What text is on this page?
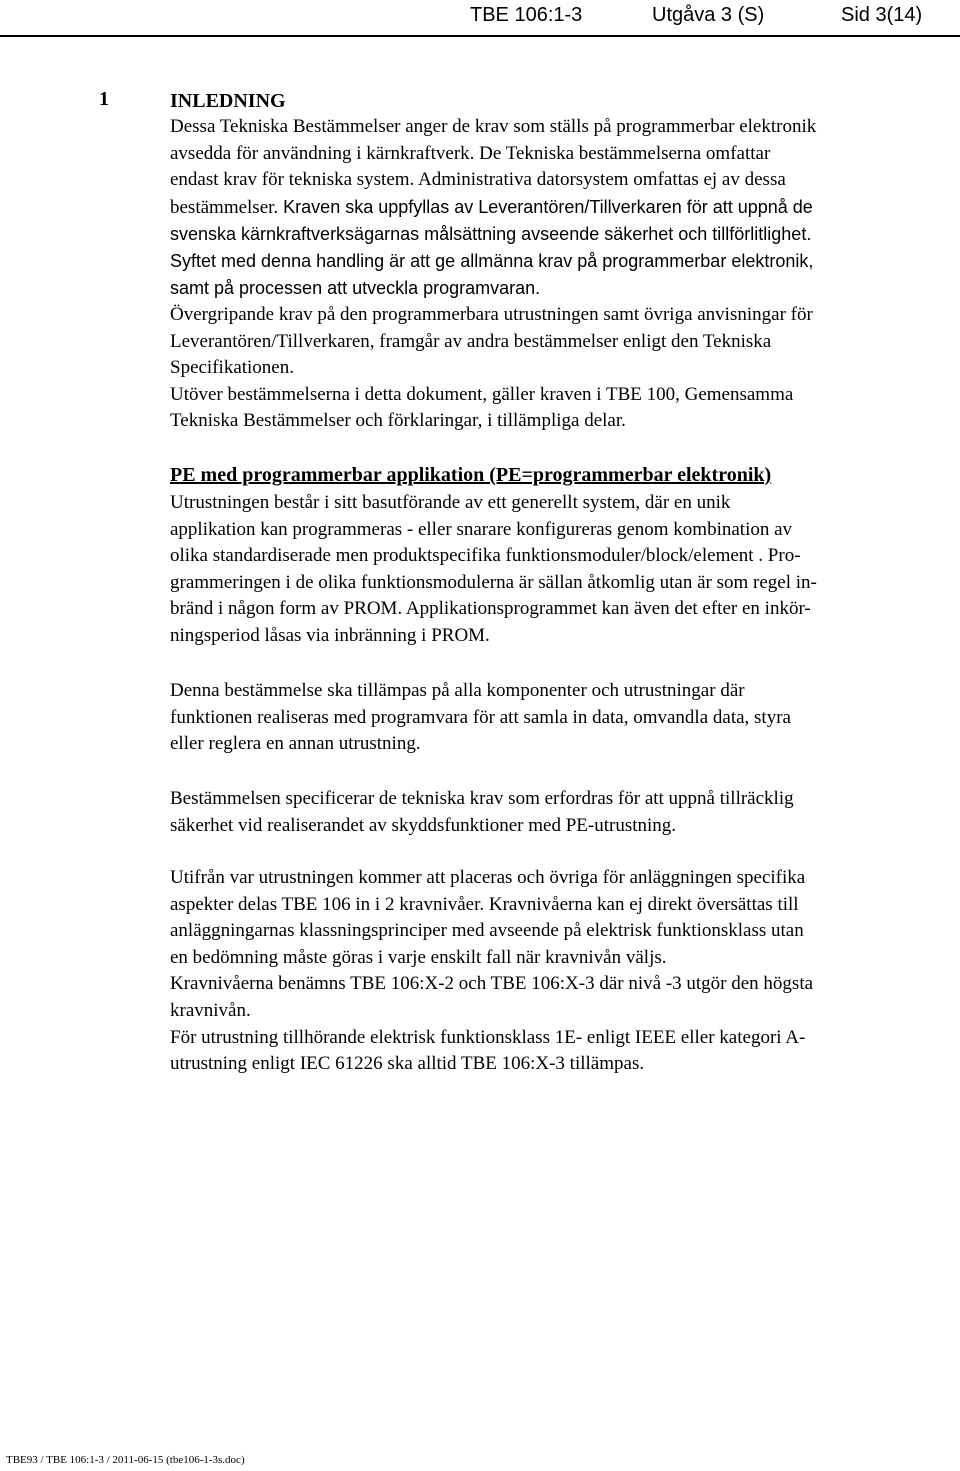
TBE 106:1-3	Utgåva 3 (S)	Sid 3(14)
1	INLEDNING
Dessa Tekniska Bestämmelser anger de krav som ställs på programmerbar elektronik
avsedda för användning i kärnkraftverk. De Tekniska bestämmelserna omfattar
endast krav för tekniska system. Administrativa datorsystem omfattas ej av dessa
bestämmelser. Kraven ska uppfyllas av Leverantören/Tillverkaren för att uppnå de
svenska kärnkraftverksägarnas målsättning avseende säkerhet och tillförlitlighet.
Syftet med denna handling är att ge allmänna krav på programmerbar elektronik,
samt på processen att utveckla programvaran.
Övergripande krav på den programmerbara utrustningen samt övriga anvisningar för
Leverantören/Tillverkaren, framgår av andra bestämmelser enligt den Tekniska
Specifikationen.
Utöver bestämmelserna i detta dokument, gäller kraven i TBE 100, Gemensamma
Tekniska Bestämmelser och förklaringar, i tillämpliga delar.
PE med programmerbar applikation (PE=programmerbar elektronik)
Utrustningen består i sitt basutförande av ett generellt system, där en unik
applikation kan programmeras - eller snarare konfigureras genom kombination av
olika standardiserade men produktspecifika funktionsmoduler/block/element . Pro-
grammeringen i de olika funktionsmodulerna är sällan åtkomlig utan är som regel in-
bränd i någon form av PROM. Applikationsprogrammet kan även det efter en inkör-
ningsperiod låsas via inbränning i PROM.
Denna bestämmelse ska tillämpas på alla komponenter och utrustningar där
funktionen realiseras med programvara för att samla in data, omvandla data, styra
eller reglera en annan utrustning.
Bestämmelsen specificerar de tekniska krav som erfordras för att uppnå tillräcklig
säkerhet vid realiserandet av skyddsfunktioner med PE-utrustning.
Utifrån var utrustningen kommer att placeras och övriga för anläggningen specifika
aspekter delas TBE 106 in i 2 kravnivåer. Kravnivåerna kan ej direkt översättas till
anläggningarnas klassningsprinciper med avseende på elektrisk funktionsklass utan
en bedömning måste göras i varje enskilt fall när kravnivån väljs.
Kravnivåerna benämns TBE 106:X-2 och TBE 106:X-3 där nivå -3 utgör den högsta
kravnivån.
För utrustning tillhörande elektrisk funktionsklass 1E- enligt IEEE eller kategori A-
utrustning enligt IEC 61226 ska alltid TBE 106:X-3 tillämpas.
TBE93 / TBE 106:1-3 / 2011-06-15 (tbe106-1-3s.doc)
